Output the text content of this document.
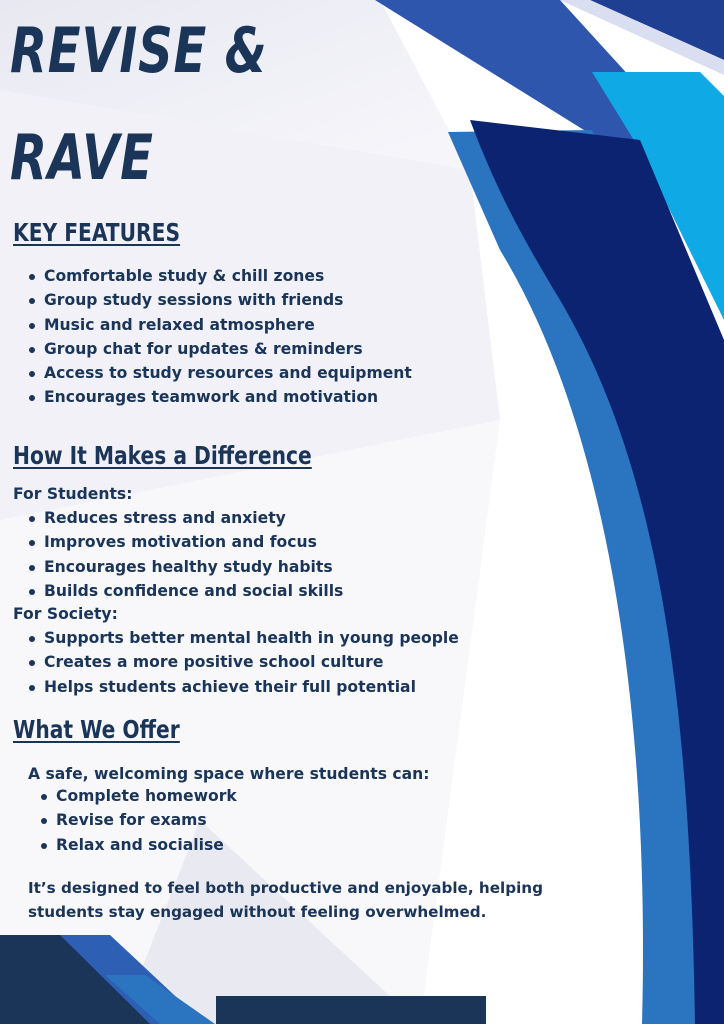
REVISE &
RAVE
KEY FEATURES
Comfortable study & chill zones
Group study sessions with friends
Music and relaxed atmosphere
Group chat for updates & reminders
Access to study resources and equipment
Encourages teamwork and motivation
How It Makes a Difference

For Students:

Reduces stress and anxiety
Improves motivation and focus
Encourages healthy study habits
Builds confidence and social skills

For Society:

Supports better mental health in young people
Creates a more positive school culture
Helps students achieve their full potential
What We Offer

A safe, welcoming space where students can:

Complete homework
Revise for exams
Relax and socialise

It’s designed to feel both productive and enjoyable, helping

students stay engaged without feeling overwhelmed.
